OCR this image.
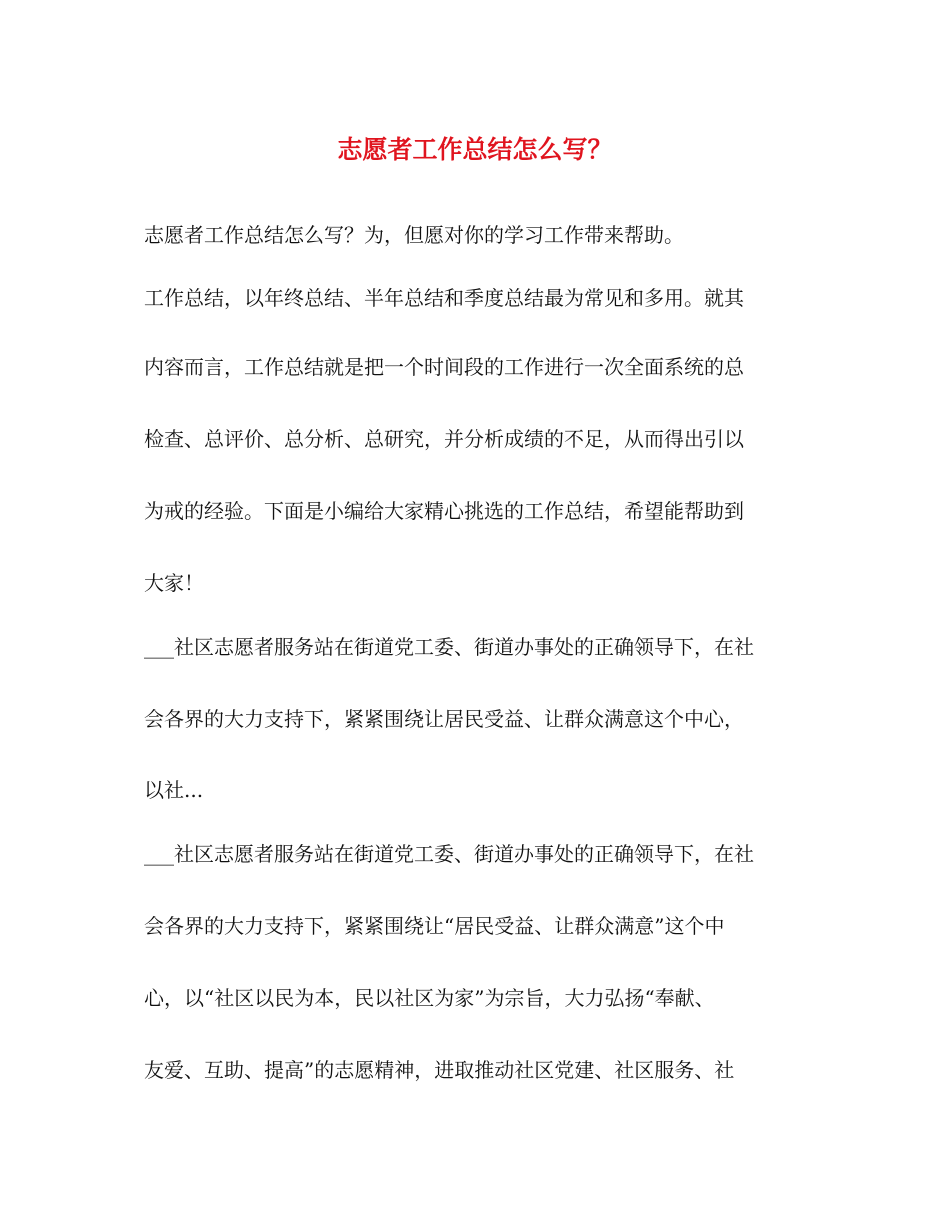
志愿者工作总结怎么写？

志愿者工作总结怎么写？为，但愿对你的学习工作带来帮助。

工作总结，以年终总结、半年总结和季度总结最为常见和多用。就其

内容而言，工作总结就是把一个时间段的工作进行一次全面系统的总

检查、总评价、总分析、总研究，并分析成绩的不足，从而得出引以

为戒的经验。下面是小编给大家精心挑选的工作总结，希望能帮助到

大家！

___社区志愿者服务站在街道党工委、街道办事处的正确领导下，在社

会各界的大力支持下，紧紧围绕让居民受益、让群众满意这个中心，

以社...

___社区志愿者服务站在街道党工委、街道办事处的正确领导下，在社

会各界的大力支持下，紧紧围绕让“居民受益、让群众满意”这个中

心，以“社区以民为本，民以社区为家”为宗旨，大力弘扬“奉献、

友爱、互助、提高”的志愿精神，进取推动社区党建、社区服务、社
